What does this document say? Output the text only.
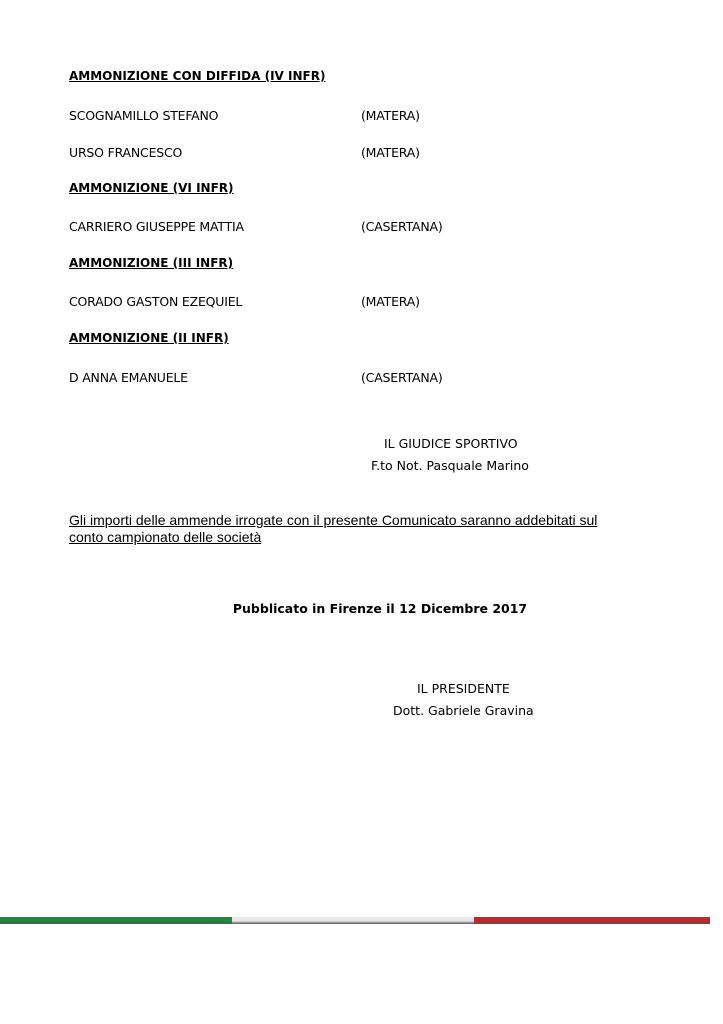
AMMONIZIONE CON DIFFIDA (IV INFR)
SCOGNAMILLO STEFANO	(MATERA)
URSO FRANCESCO	(MATERA)
AMMONIZIONE (VI INFR)
CARRIERO GIUSEPPE MATTIA	(CASERTANA)
AMMONIZIONE (III INFR)
CORADO GASTON EZEQUIEL	(MATERA)
AMMONIZIONE (II INFR)
D ANNA EMANUELE	(CASERTANA)
IL GIUDICE SPORTIVO
F.to Not. Pasquale Marino
Gli importi delle ammende irrogate con il presente Comunicato saranno addebitati sul conto campionato delle società
Pubblicato in Firenze il 12 Dicembre 2017
IL PRESIDENTE
Dott. Gabriele Gravina
